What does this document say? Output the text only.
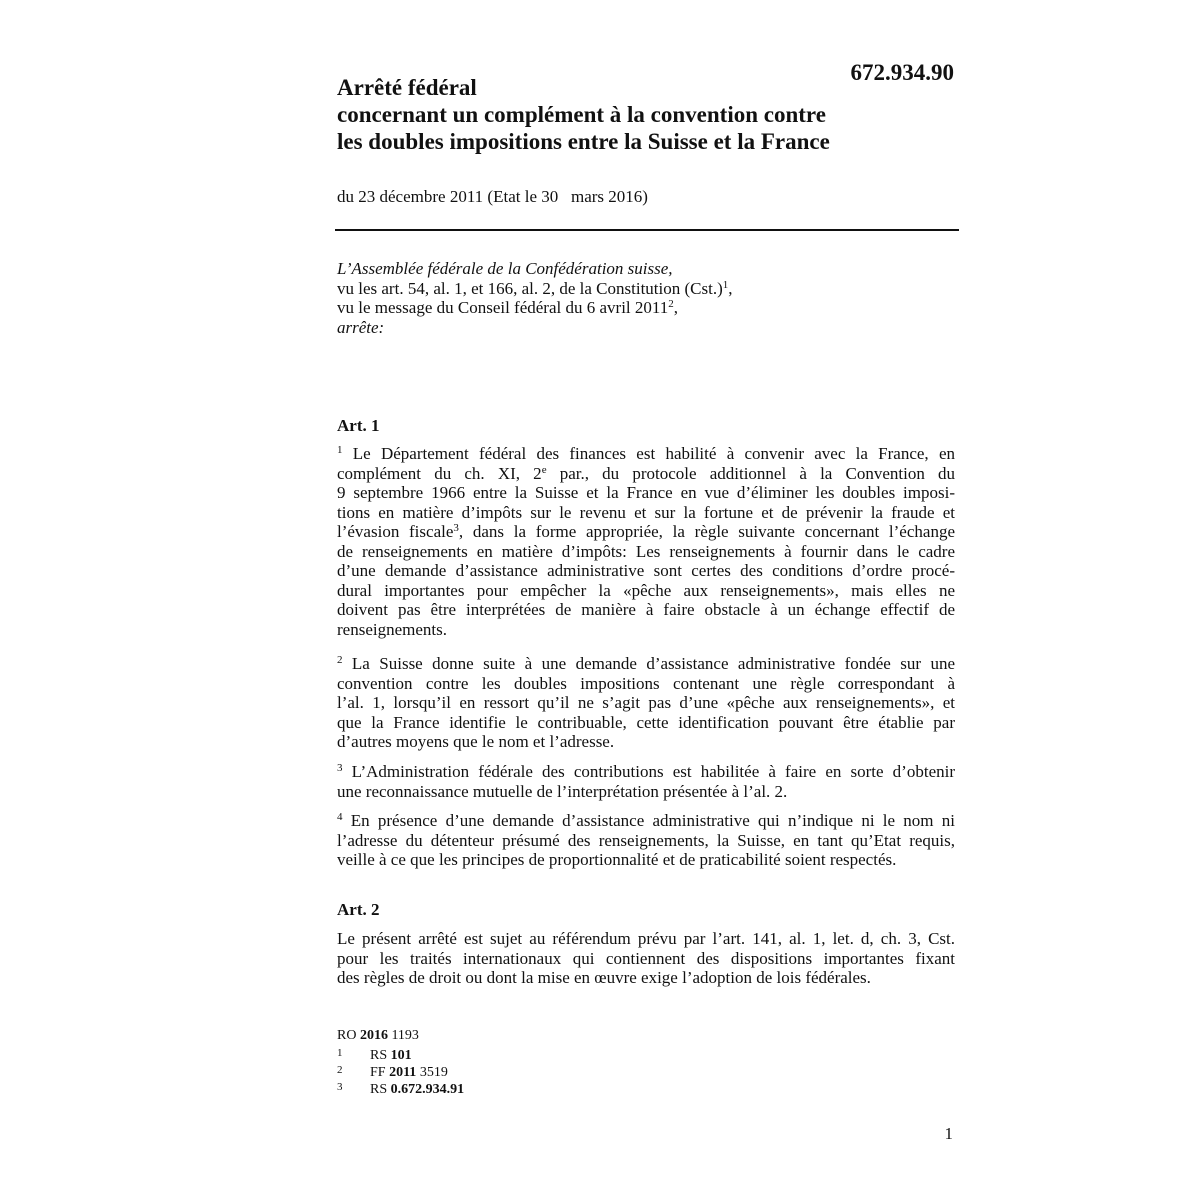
672.934.90
Arrêté fédéral
concernant un complément à la convention contre
les doubles impositions entre la Suisse et la France
du 23 décembre 2011 (Etat le 30   mars 2016)
L’Assemblée fédérale de la Confédération suisse,
vu les art. 54, al. 1, et 166, al. 2, de la Constitution $(Cst.)^1$,
vu le message du Conseil fédéral du 6 avril 2011$^2$,
arrête:
Art. 1
$^1$ Le Département fédéral des finances est habilité à convenir avec la France, en
complément du ch. XI, 2e par., du protocole additionnel à la Convention du
9 septembre 1966 entre la Suisse et la France en vue d’éliminer les doubles imposi-
tions en matière d’impôts sur le revenu et sur la fortune et de prévenir la fraude et
l’évasion fiscale$^3$, dans la forme appropriée, la règle suivante concernant l’échange
de renseignements en matière d’impôts: Les renseignements à fournir dans le cadre
d’une demande d’assistance administrative sont certes des conditions d’ordre procé-
dural importantes pour empêcher la «pêche aux renseignements», mais elles ne
doivent pas être interprétées de manière à faire obstacle à un échange effectif de
renseignements.
$^2$ La Suisse donne suite à une demande d’assistance administrative fondée sur une
convention contre les doubles impositions contenant une règle correspondant à
l’al. 1, lorsqu’il en ressort qu’il ne s’agit pas d’une «pêche aux renseignements», et
que la France identifie le contribuable, cette identification pouvant être établie par
d’autres moyens que le nom et l’adresse.
$^3$ L’Administration fédérale des contributions est habilitée à faire en sorte d’obtenir
une reconnaissance mutuelle de l’interprétation présentée à l’al. 2.
$^4$ En présence d’une demande d’assistance administrative qui n’indique ni le nom ni
l’adresse du détenteur présumé des renseignements, la Suisse, en tant qu’Etat requis,
veille à ce que les principes de proportionnalité et de praticabilité soient respectés.
Art. 2
Le présent arrêté est sujet au référendum prévu par l’art. 141, al. 1, let. d, ch. 3, Cst.
pour les traités internationaux qui contiennent des dispositions importantes fixant
des règles de droit ou dont la mise en œuvre exige l’adoption de lois fédérales.
RO 2016 1193
1 RS 101
2 FF 2011 3519
3 RS 0.672.934.91
1
